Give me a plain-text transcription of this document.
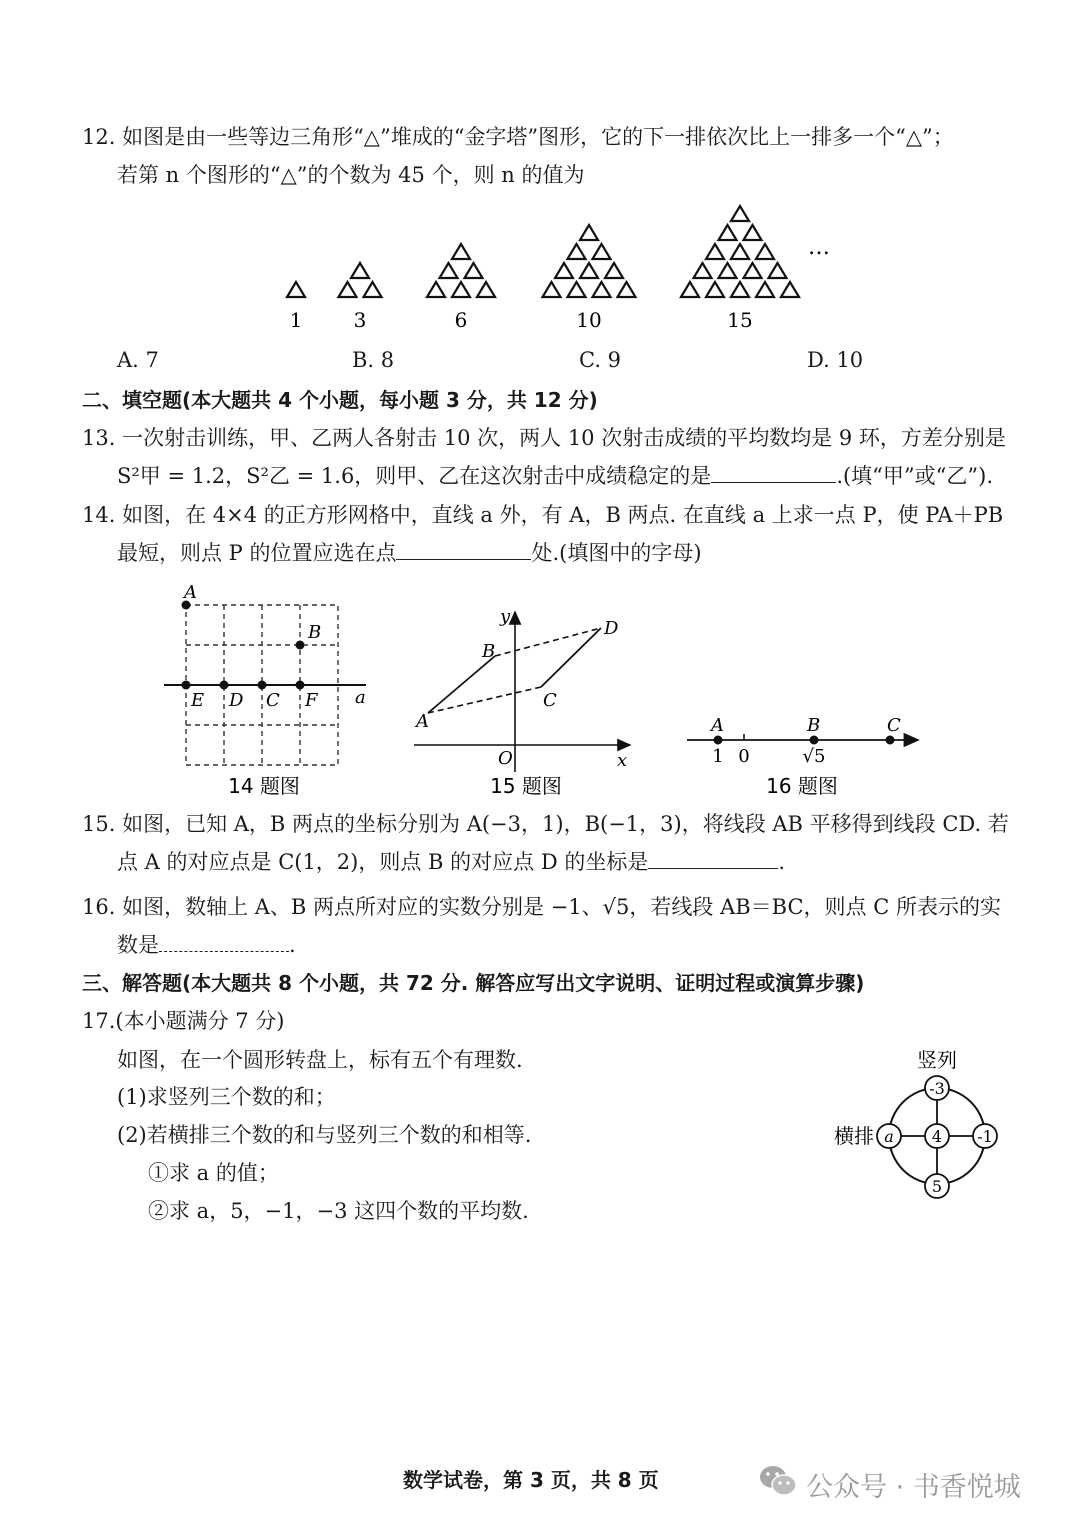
12. 如图是由一些等边三角形“△”堆成的“金字塔”图形，它的下一排依次比上一排多一个“△”；
若第 n 个图形的“△”的个数为 45 个，则 n 的值为
1	3	6	10	15
…
A. 7	B. 8	C. 9	D. 10
二、填空题(本大题共 4 个小题，每小题 3 分，共 12 分)
13. 一次射击训练，甲、乙两人各射击 10 次，两人 10 次射击成绩的平均数均是 9 环，方差分别是
S²甲 = 1.2，S²乙 = 1.6，则甲、乙在这次射击中成绩稳定的是	.(填“甲”或“乙”).
14. 如图，在 4×4 的正方形网格中，直线 a 外，有 A，B 两点. 在直线 a 上求一点 P，使 PA＋PB
最短，则点 P 的位置应选在点	处.(填图中的字母)
A
B
E D C F a
14 题图
y
x
O
A
B
C
D
15 题图
A	B	C
1 0	√5
16 题图
15. 如图，已知 A，B 两点的坐标分别为 A(−3，1)，B(−1，3)，将线段 AB 平移得到线段 CD. 若
点 A 的对应点是 C(1，2)，则点 B 的对应点 D 的坐标是	.
16. 如图，数轴上 A、B 两点所对应的实数分别是 −1、√5，若线段 AB＝BC，则点 C 所表示的实
数是	.
三、解答题(本大题共 8 个小题，共 72 分. 解答应写出文字说明、证明过程或演算步骤)
17.(本小题满分 7 分)
如图，在一个圆形转盘上，标有五个有理数.
(1)求竖列三个数的和；
(2)若横排三个数的和与竖列三个数的和相等.
①求 a 的值；
②求 a，5，−1，−3 这四个数的平均数.
-3
a 4 -1
5
竖列
横排
数学试卷，第 3 页，共 8 页	公众号 · 书香悦城
